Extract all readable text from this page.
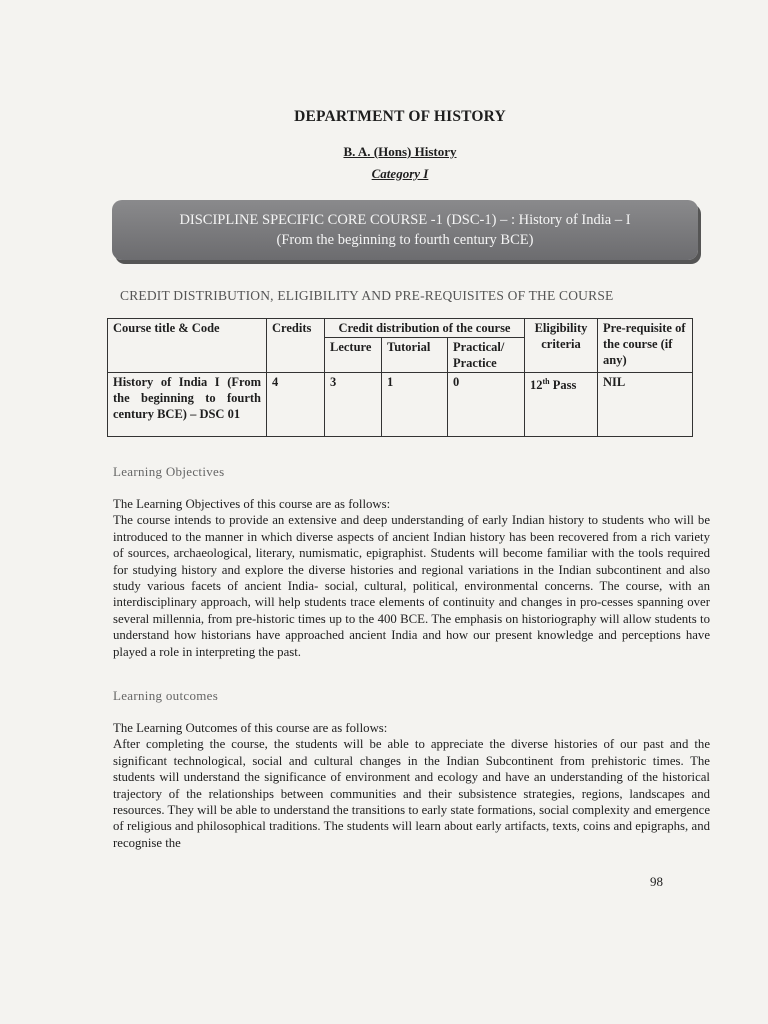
DEPARTMENT OF HISTORY
B. A. (Hons) History
Category I
DISCIPLINE SPECIFIC CORE COURSE -1 (DSC-1) – : History of India – I
(From the beginning to fourth century BCE)
CREDIT DISTRIBUTION, ELIGIBILITY AND PRE-REQUISITES OF THE COURSE
Course title & Code	Credits	Credit distribution of the course			Eligibility criteria	Pre-requisite of the course (if any)
		Lecture	Tutorial	Practical/ Practice		
History of India I (From the beginning to fourth century BCE) – DSC 01	4	3	1	0	12th Pass	NIL
Learning Objectives

The Learning Objectives of this course are as follows:

The course intends to provide an extensive and deep understanding of early Indian history to students who will be introduced to the manner in which diverse aspects of ancient Indian history has been recovered from a rich variety of sources, archaeological, literary, numismatic, epigraphist. Students will become familiar with the tools required for studying history and explore the diverse histories and regional variations in the Indian subcontinent and also study various facets of ancient India- social, cultural, political, environmental concerns. The course, with an interdisciplinary approach, will help students trace elements of continuity and changes in pro-cesses spanning over several millennia, from pre-historic times up to the 400 BCE. The emphasis on historiography will allow students to understand how historians have approached ancient India and how our present knowledge and perceptions have played a role in interpreting the past.

Learning outcomes

The Learning Outcomes of this course are as follows:

After completing the course, the students will be able to appreciate the diverse histories of our past and the significant technological, social and cultural changes in the Indian Subcontinent from prehistoric times. The students will understand the significance of environment and ecology and have an understanding of the historical trajectory of the relationships between communities and their subsistence strategies, regions, landscapes and resources. They will be able to understand the transitions to early state formations, social complexity and emergence of religious and philosophical traditions. The students will learn about early artifacts, texts, coins and epigraphs, and recognise the

98
